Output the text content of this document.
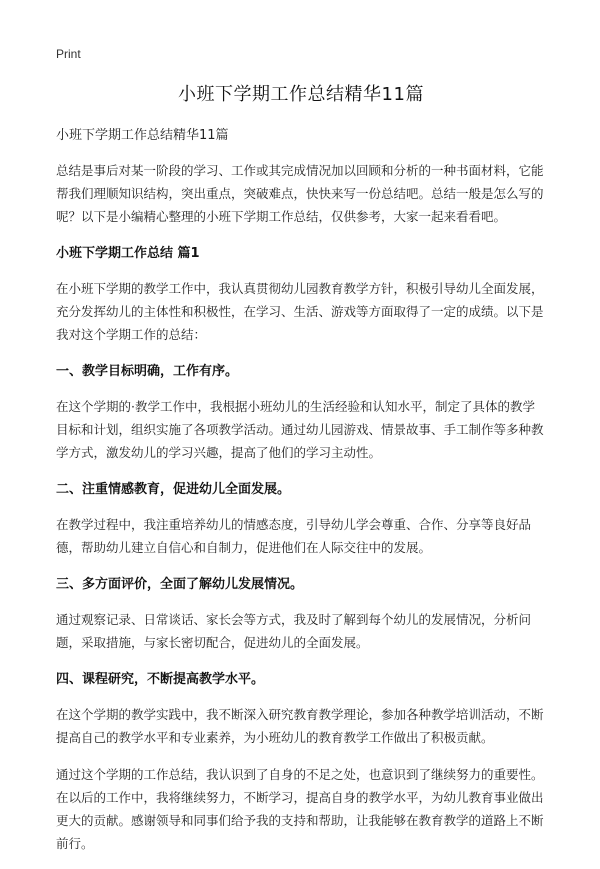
Print
小班下学期工作总结精华11篇
小班下学期工作总结精华11篇

总结是事后对某一阶段的学习、工作或其完成情况加以回顾和分析的一种书面材料，它能帮我们理顺知识结构，突出重点，突破难点，快快来写一份总结吧。总结一般是怎么写的呢？以下是小编精心整理的小班下学期工作总结，仅供参考，大家一起来看看吧。

小班下学期工作总结 篇1

在小班下学期的教学工作中，我认真贯彻幼儿园教育教学方针，积极引导幼儿全面发展，充分发挥幼儿的主体性和积极性，在学习、生活、游戏等方面取得了一定的成绩。以下是我对这个学期工作的总结：

一、教学目标明确，工作有序。

在这个学期的·教学工作中，我根据小班幼儿的生活经验和认知水平，制定了具体的教学目标和计划，组织实施了各项教学活动。通过幼儿园游戏、情景故事、手工制作等多种教学方式，激发幼儿的学习兴趣，提高了他们的学习主动性。

二、注重情感教育，促进幼儿全面发展。

在教学过程中，我注重培养幼儿的情感态度，引导幼儿学会尊重、合作、分享等良好品德，帮助幼儿建立自信心和自制力，促进他们在人际交往中的发展。

三、多方面评价，全面了解幼儿发展情况。

通过观察记录、日常谈话、家长会等方式，我及时了解到每个幼儿的发展情况，分析问题，采取措施，与家长密切配合，促进幼儿的全面发展。

四、课程研究，不断提高教学水平。

在这个学期的教学实践中，我不断深入研究教育教学理论，参加各种教学培训活动，不断提高自己的教学水平和专业素养，为小班幼儿的教育教学工作做出了积极贡献。

通过这个学期的工作总结，我认识到了自身的不足之处，也意识到了继续努力的重要性。在以后的工作中，我将继续努力，不断学习，提高自身的教学水平，为幼儿教育事业做出更大的贡献。感谢领导和同事们给予我的支持和帮助，让我能够在教育教学的道路上不断前行。
